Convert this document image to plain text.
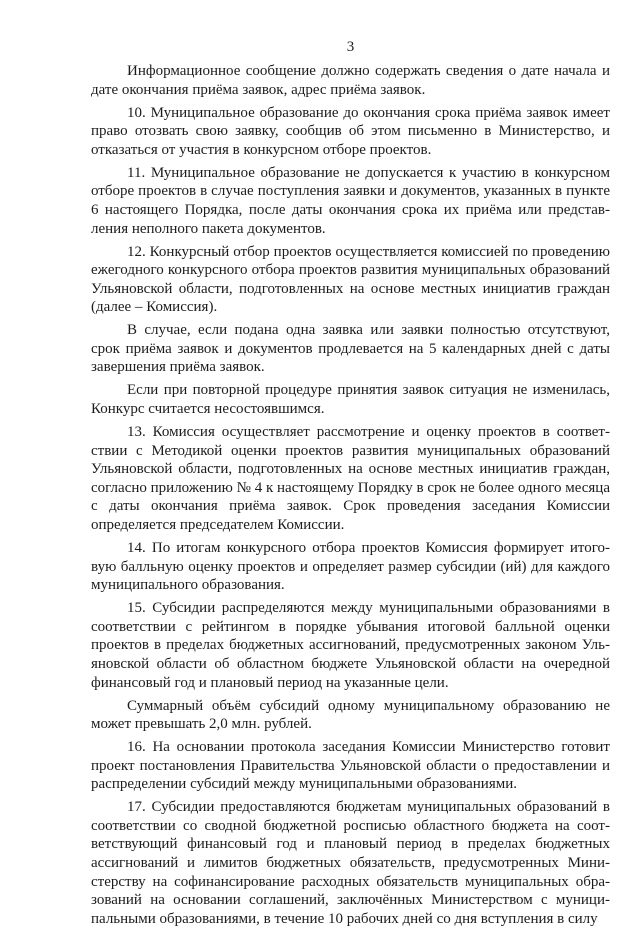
3

Информационное сообщение должно содержать сведения о дате начала и дате окончания приёма заявок, адрес приёма заявок.

10. Муниципальное образование до окончания срока приёма заявок имеет право отозвать свою заявку, сообщив об этом письменно в Министерство, и отказаться от участия в конкурсном отборе проектов.

11. Муниципальное образование не допускается к участию в конкурсном отборе проектов в случае поступления заявки и документов, указанных в пункте 6 настоящего Порядка, после даты окончания срока их приёма или представления неполного пакета документов.

12. Конкурсный отбор проектов осуществляется комиссией по проведению ежегодного конкурсного отбора проектов развития муниципальных образований Ульяновской области, подготовленных на основе местных инициатив граждан (далее – Комиссия).

В случае, если подана одна заявка или заявки полностью отсутствуют, срок приёма заявок и документов продлевается на 5 календарных дней с даты завершения приёма заявок.

Если при повторной процедуре принятия заявок ситуация не изменилась, Конкурс считается несостоявшимся.

13. Комиссия осуществляет рассмотрение и оценку проектов в соответствии с Методикой оценки проектов развития муниципальных образований Ульяновской области, подготовленных на основе местных инициатив граждан, согласно приложению № 4 к настоящему Порядку в срок не более одного месяца с даты окончания приёма заявок. Срок проведения заседания Комиссии определяется председателем Комиссии.

14. По итогам конкурсного отбора проектов Комиссия формирует итоговую балльную оценку проектов и определяет размер субсидии (ий) для каждого муниципального образования.

15. Субсидии распределяются между муниципальными образованиями в соответствии с рейтингом в порядке убывания итоговой балльной оценки проектов в пределах бюджетных ассигнований, предусмотренных законом Ульяновской области об областном бюджете Ульяновской области на очередной финансовый год и плановый период на указанные цели.

Суммарный объём субсидий одному муниципальному образованию не может превышать 2,0 млн. рублей.

16. На основании протокола заседания Комиссии Министерство готовит проект постановления Правительства Ульяновской области о предоставлении и распределении субсидий между муниципальными образованиями.

17. Субсидии предоставляются бюджетам муниципальных образований в соответствии со сводной бюджетной росписью областного бюджета на соответствующий финансовый год и плановый период в пределах бюджетных ассигнований и лимитов бюджетных обязательств, предусмотренных Министерству на софинансирование расходных обязательств муниципальных образований на основании соглашений, заключённых Министерством с муниципальными образованиями, в течение 10 рабочих дней со дня вступления в силу
